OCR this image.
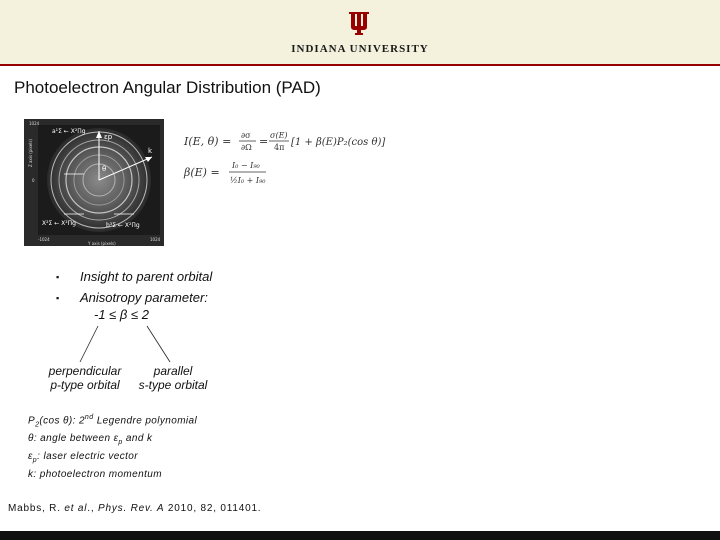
INDIANA UNIVERSITY
Photoelectron Angular Distribution (PAD)
a¹Σ ← X²Πg
εp
k
θ
X²Σ ← X²Πg	b³Σ ← X²Πg
1024
0
-1024	1024
Y axis (pixels)
Z axis (pixels)	I(E, θ) = ∂σ
∂Ω = σ(E)
4π [1 + β(E)P₂(cos θ)]
β(E) =
I₀ − I₉₀
½I₀ + I₉₀
▪	Insight to parent orbital
▪	Anisotropy parameter:
-1 ≤ β ≤ 2
perpendicular
p-type orbital
parallel
s-type orbital
$P_2(\cos$ θ): 2nd Legendre polynomial
θ: angle between $\varepsilon_p$ and k
$\varepsilon_p$: laser electric vector
k: photoelectron momentum
Mabbs, R. et al., Phys. Rev. A 2010, 82, 011401.
